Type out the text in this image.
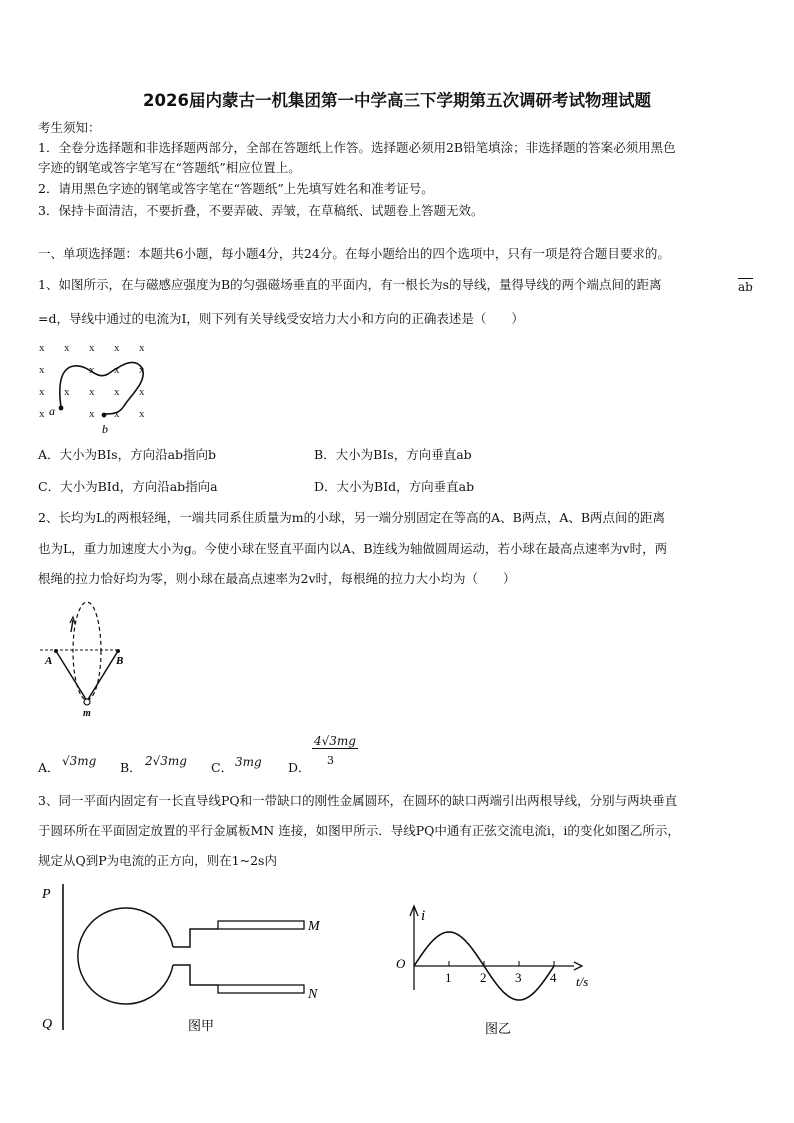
2026届内蒙古一机集团第一中学高三下学期第五次调研考试物理试题
考生须知：
1．全卷分选择题和非选择题两部分，全部在答题纸上作答。选择题必须用2B铅笔填涂；非选择题的答案必须用黑色
字迹的钢笔或答字笔写在“答题纸”相应位置上。
2．请用黑色字迹的钢笔或答字笔在“答题纸”上先填写姓名和准考证号。
3．保持卡面清洁，不要折叠，不要弄破、弄皱，在草稿纸、试题卷上答题无效。
一、单项选择题：本题共6小题，每小题4分，共24分。在每小题给出的四个选项中，只有一项是符合题目要求的。
1、如图所示，在与磁感应强度为B的匀强磁场垂直的平面内，有一根长为s的导线，量得导线的两个端点间的距离	ab
=d，导线中通过的电流为I，则下列有关导线受安培力大小和方向的正确表述是（　　）
x x x x x
x	x x x
x x x x x
x	x x x
a
b
A．大小为BIs，方向沿ab指向b	B．大小为BIs，方向垂直ab
C．大小为BId，方向沿ab指向a	D．大小为BId，方向垂直ab
2、长均为L的两根轻绳，一端共同系住质量为m的小球，另一端分别固定在等高的A、B两点，A、B两点间的距离
也为L，重力加速度大小为g。今使小球在竖直平面内以A、B连线为轴做圆周运动，若小球在最高点速率为v时，两
根绳的拉力恰好均为零，则小球在最高点速率为2v时，每根绳的拉力大小均为（　　）
A	B
m
A． √3mg B． 2√3mg C． 3mg D．
4√3mg
3
3、同一平面内固定有一长直导线PQ和一带缺口的刚性金属圆环，在圆环的缺口两端引出两根导线，分别与两块垂直
于圆环所在平面固定放置的平行金属板MN 连接，如图甲所示．导线PQ中通有正弦交流电流i，i的变化如图乙所示，
规定从Q到P为电流的正方向，则在1~2s内
P
Q
M
N
图甲
i
O
t/s
1 2 3 4
图乙
